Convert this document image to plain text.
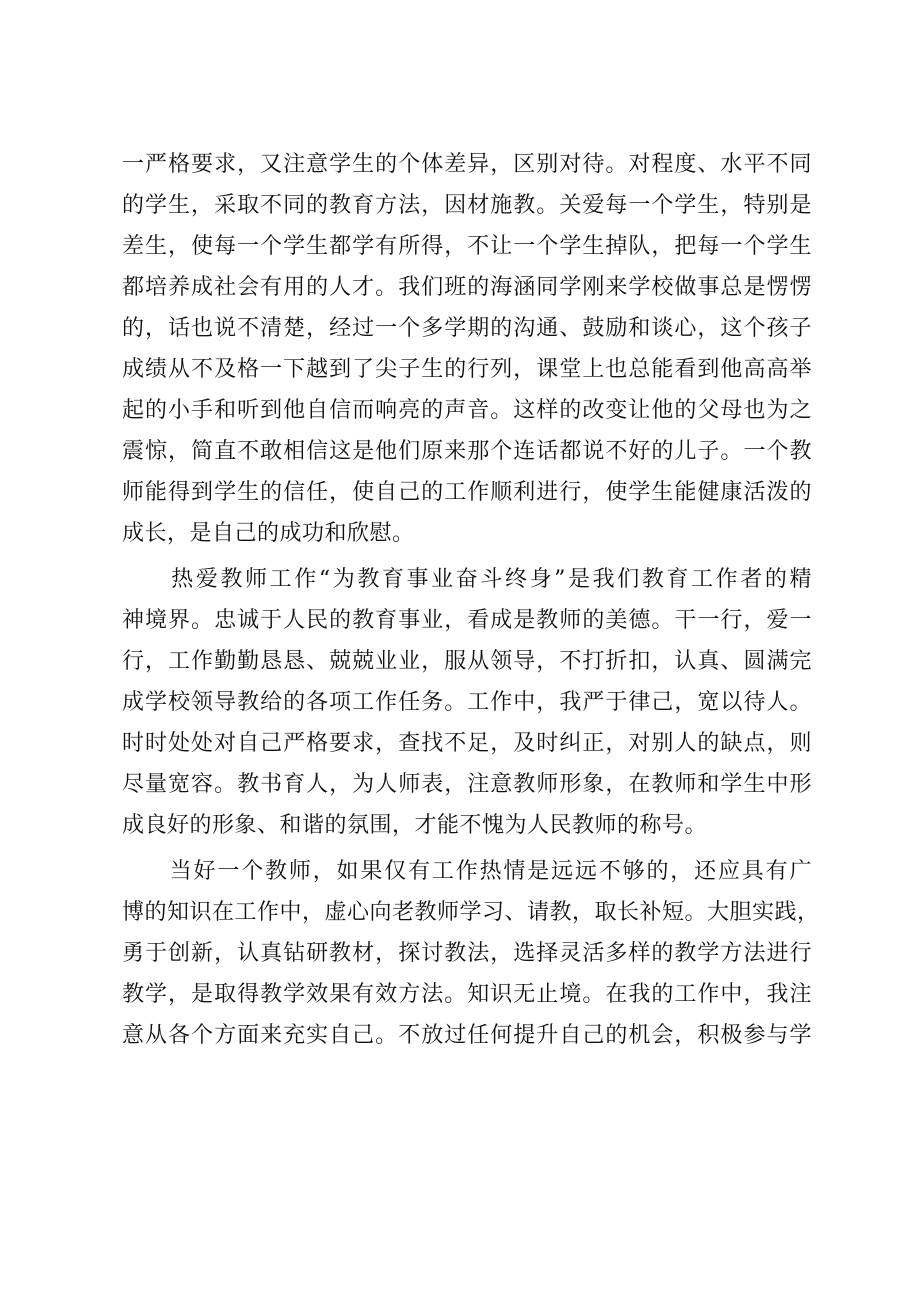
一严格要求，又注意学生的个体差异，区别对待。对程度、水平不同
的学生，采取不同的教育方法，因材施教。关爱每一个学生，特别是
差生，使每一个学生都学有所得，不让一个学生掉队，把每一个学生
都培养成社会有用的人才。我们班的海涵同学刚来学校做事总是愣愣
的，话也说不清楚，经过一个多学期的沟通、鼓励和谈心，这个孩子
成绩从不及格一下越到了尖子生的行列，课堂上也总能看到他高高举
起的小手和听到他自信而响亮的声音。这样的改变让他的父母也为之
震惊，简直不敢相信这是他们原来那个连话都说不好的儿子。一个教
师能得到学生的信任，使自己的工作顺利进行，使学生能健康活泼的
成长，是自己的成功和欣慰。
　　热爱教师工作“为教育事业奋斗终身”是我们教育工作者的精
神境界。忠诚于人民的教育事业，看成是教师的美德。干一行，爱一
行，工作勤勤恳恳、兢兢业业，服从领导，不打折扣，认真、圆满完
成学校领导教给的各项工作任务。工作中，我严于律己，宽以待人。
时时处处对自己严格要求，查找不足，及时纠正，对别人的缺点，则
尽量宽容。教书育人，为人师表，注意教师形象，在教师和学生中形
成良好的形象、和谐的氛围，才能不愧为人民教师的称号。
　　当好一个教师，如果仅有工作热情是远远不够的，还应具有广
博的知识在工作中，虚心向老教师学习、请教，取长补短。大胆实践，
勇于创新，认真钻研教材，探讨教法，选择灵活多样的教学方法进行
教学，是取得教学效果有效方法。知识无止境。在我的工作中，我注
意从各个方面来充实自己。不放过任何提升自己的机会，积极参与学
